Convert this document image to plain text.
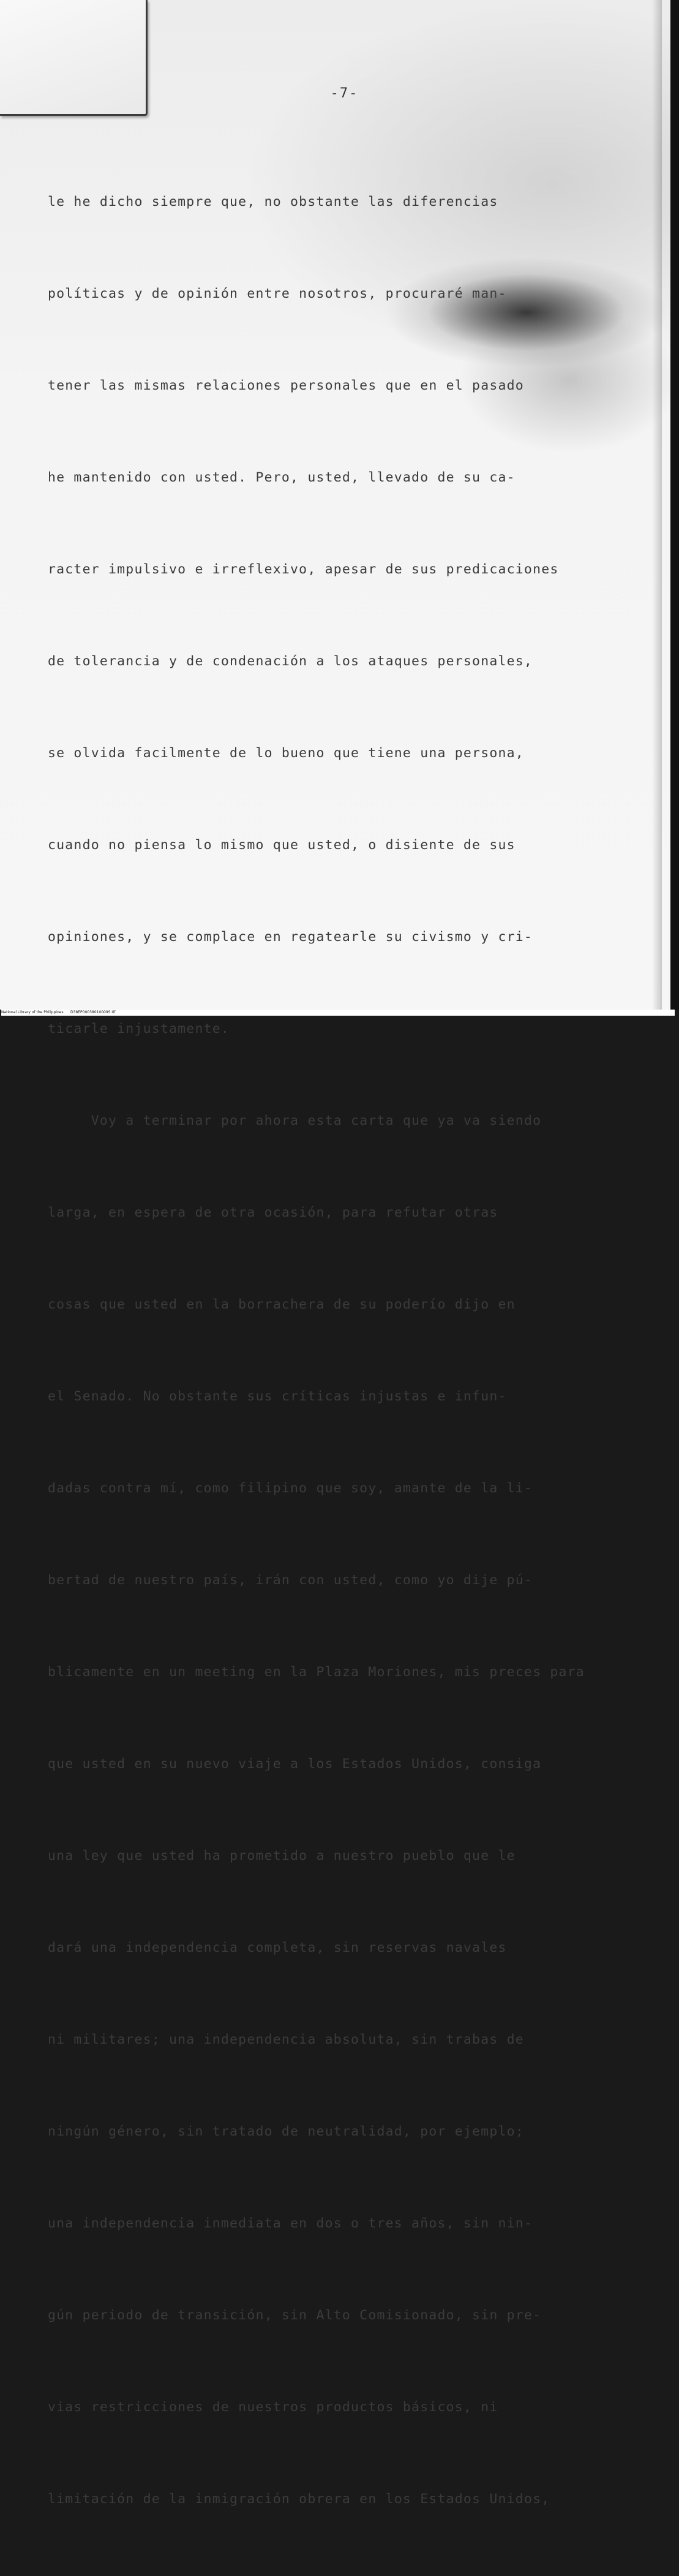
-7-

le he dicho siempre que, no obstante las diferencias

políticas y de opinión entre nosotros, procuraré man-

tener las mismas relaciones personales que en el pasado

he mantenido con usted. Pero, usted, llevado de su ca-

racter impulsivo e irreflexivo, apesar de sus predicaciones

de tolerancia y de condenación a los ataques personales,

se olvida facilmente de lo bueno que tiene una persona,

cuando no piensa lo mismo que usted, o disiente de sus

opiniones, y se complace en regatearle su civismo y cri-

ticarle injustamente.

Voy a terminar por ahora esta carta que ya va siendo

larga, en espera de otra ocasión, para refutar otras

cosas que usted en la borrachera de su poderío dijo en

el Senado. No obstante sus críticas injustas e infun-

dadas contra mí, como filipino que soy, amante de la li-

bertad de nuestro país, irán con usted, como yo dije pú-

blicamente en un meeting en la Plaza Moriones, mis preces para

que usted en su nuevo viaje a los Estados Unidos, consiga

una ley que usted ha prometido a nuestro pueblo que le

dará una independencia completa, sin reservas navales

ni militares; una independencia absoluta, sin trabas de

ningún género, sin tratado de neutralidad, por ejemplo;

una independencia inmediata en dos o tres años, sin nin-

gún periodo de transición, sin Alto Comisionado, sin pre-

vias restricciones de nuestros productos básicos, ni

limitación de la inmigración obrera en los Estados Unidos,

National Library of the Philippines      D38EP00038010009S.tif
